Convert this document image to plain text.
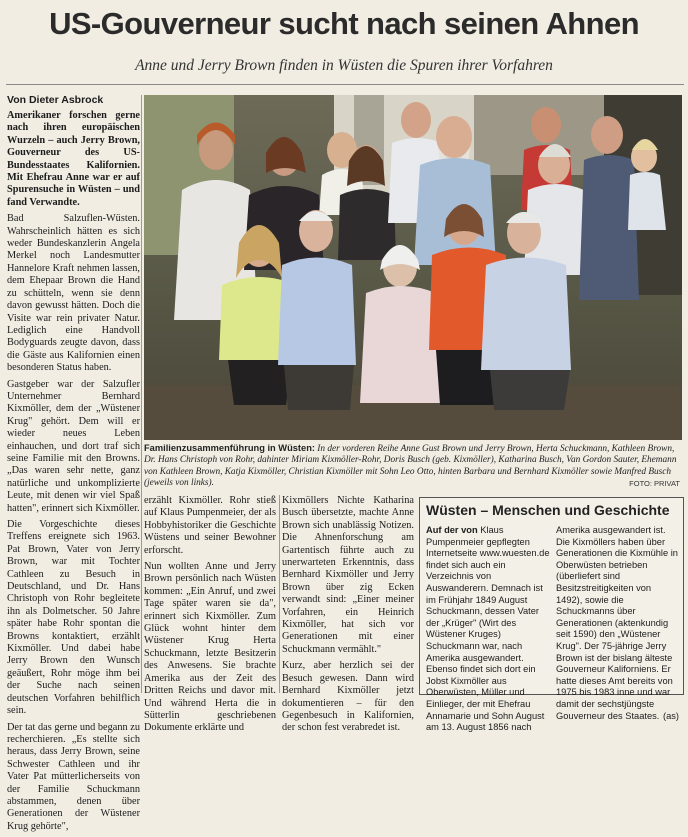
US-Gouverneur sucht nach seinen Ahnen
Anne und Jerry Brown finden in Wüsten die Spuren ihrer Vorfahren
Von Dieter Asbrock

Amerikaner forschen gerne nach ihren europäischen Wurzeln – auch Jerry Brown, Gouverneur des US-Bundesstaates Kalifornien. Mit Ehefrau Anne war er auf Spurensuche in Wüsten – und fand Verwandte.

Bad Salzuflen-Wüsten. Wahrscheinlich hätten es sich weder Bundeskanzlerin Angela Merkel noch Landesmutter Hannelore Kraft nehmen lassen, dem Ehepaar Brown die Hand zu schütteln, wenn sie denn davon gewusst hätten. Doch die Visite war rein privater Natur. Lediglich eine Handvoll Bodyguards zeugte davon, dass die Gäste aus Kalifornien einen besonderen Status haben.

Gastgeber war der Salzufler Unternehmer Bernhard Kixmöller, dem der „Wüstener Krug" gehört. Dem will er wieder neues Leben einhauchen, und dort traf sich seine Familie mit den Browns. „Das waren sehr nette, ganz natürliche und unkomplizierte Leute, mit denen wir viel Spaß hatten", erinnert sich Kixmöller.

Die Vorgeschichte dieses Treffens ereignete sich 1963. Pat Brown, Vater von Jerry Brown, war mit Tochter Cathleen zu Besuch in Deutschland, und Dr. Hans Christoph von Rohr begleitete ihn als Dolmetscher. 50 Jahre später habe Rohr spontan die Browns kontaktiert, erzählt Kixmöller. Und dabei habe Jerry Brown den Wunsch geäußert, Rohr möge ihm bei der Suche nach seinen deutschen Vorfahren behilflich sein.

Der tat das gerne und begann zu recherchieren. „Es stellte sich heraus, dass Jerry Brown, seine Schwester Cathleen und ihr Vater Pat mütterlicherseits von der Familie Schuckmann abstammen, denen über Generationen der Wüstener Krug gehörte",

Familienzusammenführung in Wüsten: In der vorderen Reihe Anne Gust Brown und Jerry Brown, Herta Schuckmann, Kathleen Brown, Dr. Hans Christoph von Rohr, dahinter Miriam Kixmöller-Rohr, Doris Busch (geb. Kixmöller), Katharina Busch, Van Gordon Sauter, Ehemann von Kathleen Brown, Katja Kixmöller, Christian Kixmöller mit Sohn Leo Otto, hinten Barbara und Bernhard Kixmöller sowie Manfred Busch (jeweils von links).	FOTO: PRIVAT

erzählt Kixmöller. Rohr stieß auf Klaus Pumpenmeier, der als Hobbyhistoriker die Geschichte Wüstens und seiner Bewohner erforscht.

Nun wollten Anne und Jerry Brown persönlich nach Wüsten kommen: „Ein Anruf, und zwei Tage später waren sie da", erinnert sich Kixmöller. Zum Glück wohnt hinter dem Wüstener Krug Herta Schuckmann, letzte Besitzerin des Anwesens. Sie brachte Amerika aus der Zeit des Dritten Reichs und davor mit. Und während Herta die in Sütterlin geschriebenen Dokumente erklärte und

Kixmöllers Nichte Katharina Busch übersetzte, machte Anne Brown sich unablässig Notizen. Die Ahnenforschung am Gartentisch führte auch zu unerwarteten Erkenntnis, dass Bernhard Kixmöller und Jerry Brown über zig Ecken verwandt sind: „Einer meiner Vorfahren, ein Heinrich Kixmöller, hat sich vor Generationen mit einer Schuckmann vermählt."

Kurz, aber herzlich sei der Besuch gewesen. Dann wird Bernhard Kixmöller jetzt dokumentieren – für den Gegenbesuch in Kalifornien, der schon fest verabredet ist.

Wüsten – Menschen und Geschichte
Auf der von Klaus Pumpenmeier gepflegten Internetseite www.wuesten.de findet sich auch ein Verzeichnis von Auswanderern. Demnach ist im Frühjahr 1849 August Schuckmann, dessen Vater der „Krüger" (Wirt des Wüstener Kruges) Schuckmann war, nach Amerika ausgewandert. Ebenso findet sich dort ein Jobst Kixmöller aus Oberwüsten, Müller und Einlieger, der mit Ehefrau Annamarie und Sohn August am 13. August 1856 nach
Amerika ausgewandert ist. Die Kixmöllers haben über Generationen die Kixmühle in Oberwüsten betrieben (überliefert sind Besitzstreitigkeiten von 1492), sowie die Schuckmanns über Generationen (aktenkundig seit 1590) den „Wüstener Krug". Der 75-jährige Jerry Brown ist der bislang älteste Gouverneur Kaliforniens. Er hatte dieses Amt bereits von 1975 bis 1983 inne und war damit der sechstjüngste Gouverneur des Staates. (as)
